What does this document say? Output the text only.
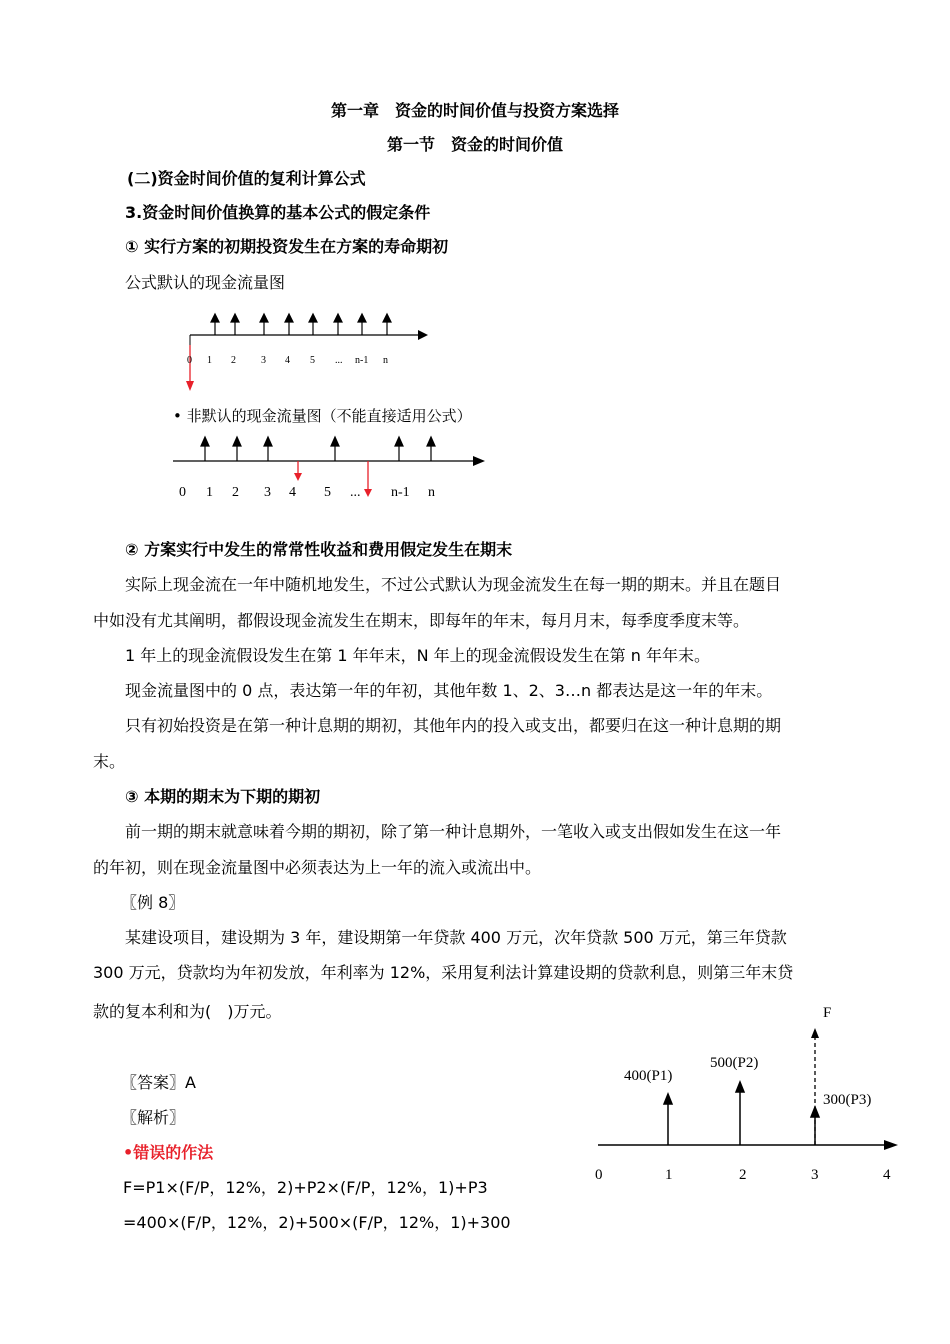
第一章　资金的时间价值与投资方案选择
第一节　资金的时间价值
(二)资金时间价值的复利计算公式
3.资金时间价值换算的基本公式的假定条件
① 实行方案的初期投资发生在方案的寿命期初
公式默认的现金流量图
0 1 2	3 4 5 ... n-1 n
• 非默认的现金流量图（不能直接适用公式）
0 1 2 3 4 5 ... n-1 n
② 方案实行中发生的常常性收益和费用假定发生在期末
实际上现金流在一年中随机地发生，不过公式默认为现金流发生在每一期的期末。并且在题目
中如没有尤其阐明，都假设现金流发生在期末，即每年的年末，每月月末，每季度季度末等。
1 年上的现金流假设发生在第 1 年年末，N 年上的现金流假设发生在第 n 年年末。
现金流量图中的 0 点，表达第一年的年初，其他年数 1、2、3…n 都表达是这一年的年末。
只有初始投资是在第一种计息期的期初，其他年内的投入或支出，都要归在这一种计息期的期
末。
③ 本期的期末为下期的期初
前一期的期末就意味着今期的期初，除了第一种计息期外，一笔收入或支出假如发生在这一年
的年初，则在现金流量图中必须表达为上一年的流入或流出中。
〖例 8〗
某建设项目，建设期为 3 年，建设期第一年贷款 400 万元，次年贷款 500 万元，第三年贷款
300 万元，贷款均为年初发放，年利率为 12%，采用复利法计算建设期的贷款利息，则第三年末贷
款的复本利和为(　)万元。
〖答案〗A
〖解析〗
•错误的作法
F=P1×(F/P，12%，2)+P2×(F/P，12%，1)+P3
=400×(F/P，12%，2)+500×(F/P，12%，1)+300
F
400(P1)
500(P2)
300(P3)
0	1	2	3	4
